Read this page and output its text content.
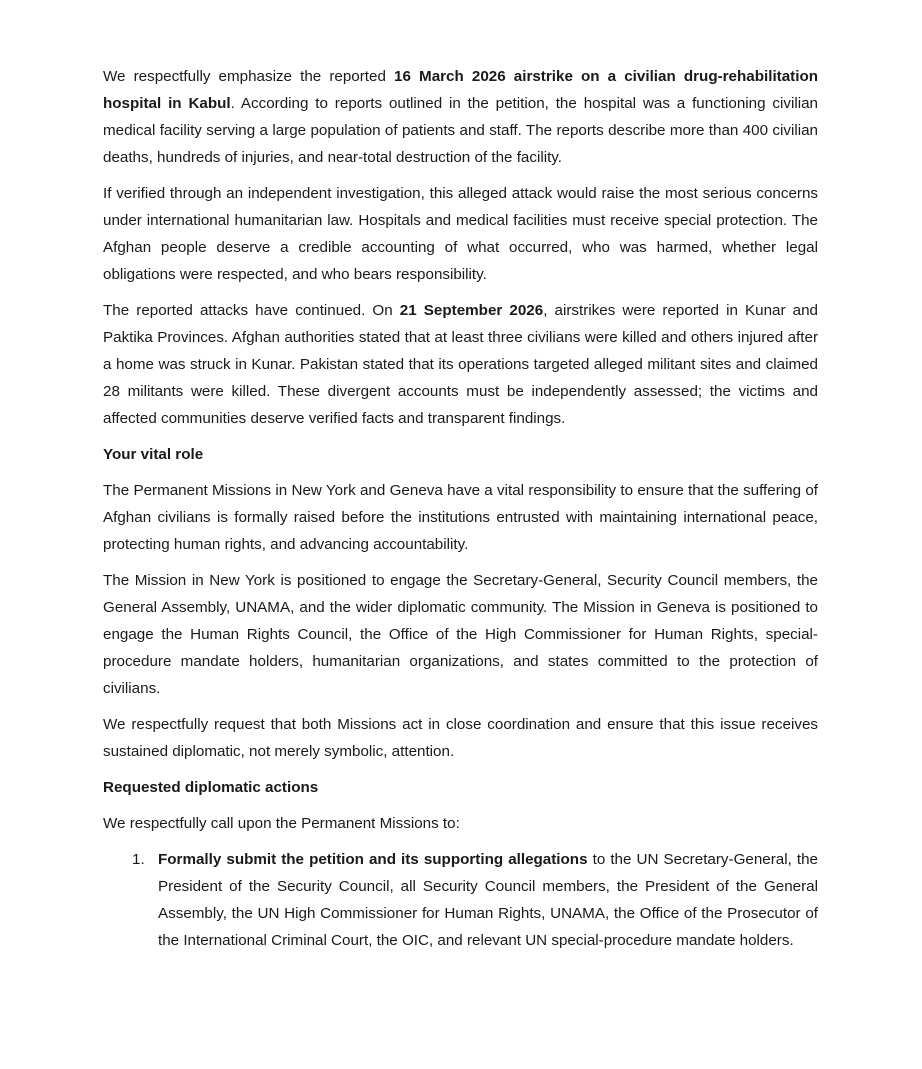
We respectfully emphasize the reported 16 March 2026 airstrike on a civilian drug-rehabilitation hospital in Kabul. According to reports outlined in the petition, the hospital was a functioning civilian medical facility serving a large population of patients and staff. The reports describe more than 400 civilian deaths, hundreds of injuries, and near-total destruction of the facility.

If verified through an independent investigation, this alleged attack would raise the most serious concerns under international humanitarian law. Hospitals and medical facilities must receive special protection. The Afghan people deserve a credible accounting of what occurred, who was harmed, whether legal obligations were respected, and who bears responsibility.

The reported attacks have continued. On 21 September 2026, airstrikes were reported in Kunar and Paktika Provinces. Afghan authorities stated that at least three civilians were killed and others injured after a home was struck in Kunar. Pakistan stated that its operations targeted alleged militant sites and claimed 28 militants were killed. These divergent accounts must be independently assessed; the victims and affected communities deserve verified facts and transparent findings.

Your vital role

The Permanent Missions in New York and Geneva have a vital responsibility to ensure that the suffering of Afghan civilians is formally raised before the institutions entrusted with maintaining international peace, protecting human rights, and advancing accountability.

The Mission in New York is positioned to engage the Secretary-General, Security Council members, the General Assembly, UNAMA, and the wider diplomatic community. The Mission in Geneva is positioned to engage the Human Rights Council, the Office of the High Commissioner for Human Rights, special-procedure mandate holders, humanitarian organizations, and states committed to the protection of civilians.

We respectfully request that both Missions act in close coordination and ensure that this issue receives sustained diplomatic, not merely symbolic, attention.

Requested diplomatic actions

We respectfully call upon the Permanent Missions to:

1. Formally submit the petition and its supporting allegations to the UN Secretary-General, the President of the Security Council, all Security Council members, the President of the General Assembly, the UN High Commissioner for Human Rights, UNAMA, the Office of the Prosecutor of the International Criminal Court, the OIC, and relevant UN special-procedure mandate holders.
